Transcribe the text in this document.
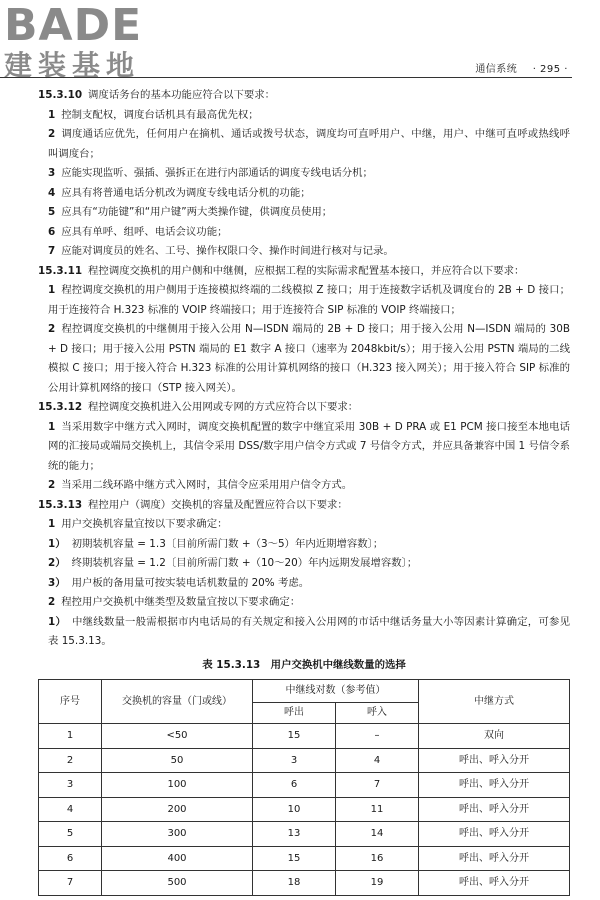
BADE
建装基地	通信系统 · 295 ·

15.3.10 调度话务台的基本功能应符合以下要求：

1 控制支配权，调度台话机具有最高优先权；

2 调度通话应优先，任何用户在摘机、通话或拨号状态，调度均可直呼用户、中继，用户、中继可直呼或热线呼叫调度台；

3 应能实现监听、强插、强拆正在进行内部通话的调度专线电话分机；

4 应具有将普通电话分机改为调度专线电话分机的功能；

5 应具有“功能键”和“用户键”两大类操作键，供调度员使用；

6 应具有单呼、组呼、电话会议功能；

7 应能对调度员的姓名、工号、操作权限口令、操作时间进行核对与记录。

15.3.11 程控调度交换机的用户侧和中继侧，应根据工程的实际需求配置基本接口，并应符合以下要求：

1 程控调度交换机的用户侧用于连接模拟终端的二线模拟 Z 接口；用于连接数字话机及调度台的 2B + D 接口；用于连接符合 H.323 标准的 VOIP 终端接口；用于连接符合 SIP 标准的 VOIP 终端接口；

2 程控调度交换机的中继侧用于接入公用 N—ISDN 端局的 2B + D 接口；用于接入公用 N—ISDN 端局的 30B + D 接口；用于接入公用 PSTN 端局的 E1 数字 A 接口（速率为 2048kbit/s）；用于接入公用 PSTN 端局的二线模拟 C 接口；用于接入符合 H.323 标准的公用计算机网络的接口（H.323 接入网关）；用于接入符合 SIP 标准的公用计算机网络的接口（STP 接入网关）。

15.3.12 程控调度交换机进入公用网或专网的方式应符合以下要求：

1 当采用数字中继方式入网时，调度交换机配置的数字中继宜采用 30B + D PRA 或 E1 PCM 接口接至本地电话网的汇接局或端局交换机上，其信令采用 DSS/数字用户信令方式或 7 号信令方式，并应具备兼容中国 1 号信令系统的能力；

2 当采用二线环路中继方式入网时，其信令应采用用户信令方式。

15.3.13 程控用户（调度）交换机的容量及配置应符合以下要求：

1 用户交换机容量宜按以下要求确定：

1） 初期装机容量 = 1.3〔目前所需门数 +（3～5）年内近期增容数〕；

2） 终期装机容量 = 1.2〔目前所需门数 +（10～20）年内远期发展增容数〕；

3） 用户板的备用量可按实装电话机数量的 20% 考虑。

2 程控用户交换机中继类型及数量宜按以下要求确定：

1） 中继线数量一般需根据市内电话局的有关规定和接入公用网的市话中继话务量大小等因素计算确定，可参见表 15.3.13。

表 15.3.13　用户交换机中继线数量的选择
序号	交换机的容量（门或线）	中继线对数（参考值）		中继方式
		呼出	呼入	
1	<50	15	–	双向
2	50	3	4	呼出、呼入分开
3	100	6	7	呼出、呼入分开
4	200	10	11	呼出、呼入分开
5	300	13	14	呼出、呼入分开
6	400	15	16	呼出、呼入分开
7	500	18	19	呼出、呼入分开
